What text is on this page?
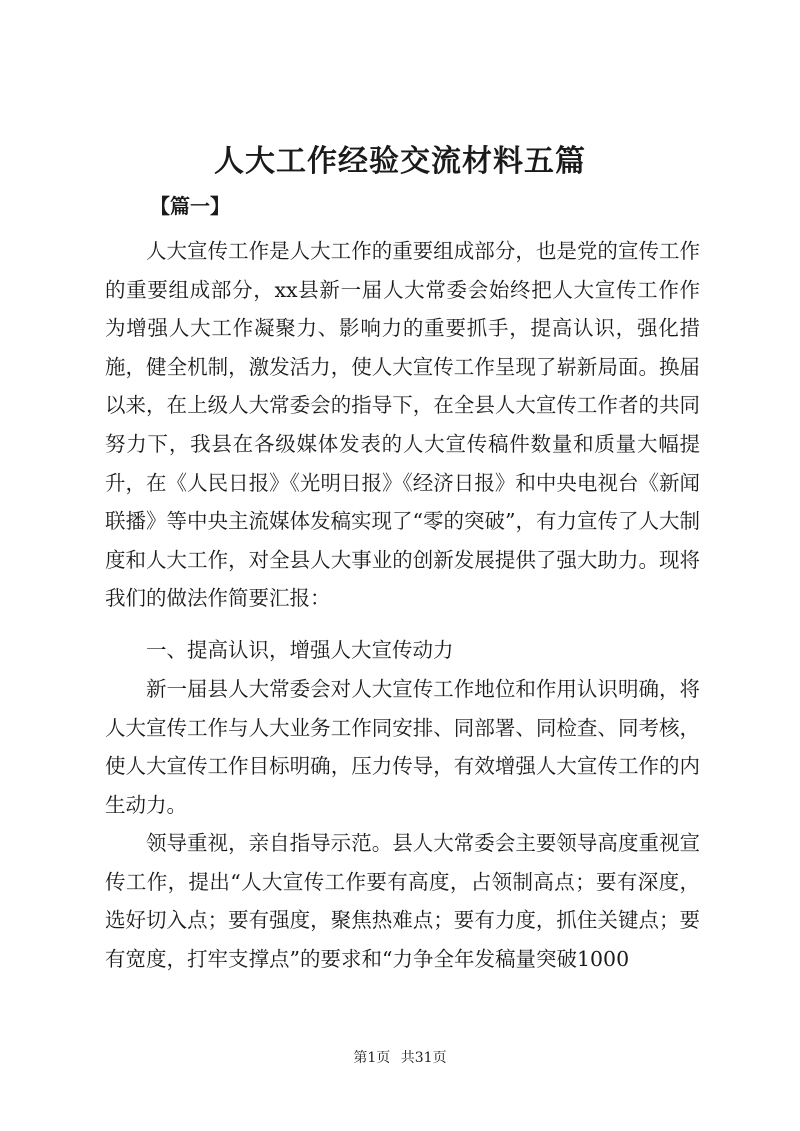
人大工作经验交流材料五篇
【篇一】

人大宣传工作是人大工作的重要组成部分，也是党的宣传工作的重要组成部分，xx县新一届人大常委会始终把人大宣传工作作为增强人大工作凝聚力、影响力的重要抓手，提高认识，强化措施，健全机制，激发活力，使人大宣传工作呈现了崭新局面。换届以来，在上级人大常委会的指导下，在全县人大宣传工作者的共同努力下，我县在各级媒体发表的人大宣传稿件数量和质量大幅提升，在《人民日报》《光明日报》《经济日报》和中央电视台《新闻联播》等中央主流媒体发稿实现了“零的突破”，有力宣传了人大制度和人大工作，对全县人大事业的创新发展提供了强大助力。现将我们的做法作简要汇报：

一、提高认识，增强人大宣传动力

新一届县人大常委会对人大宣传工作地位和作用认识明确，将人大宣传工作与人大业务工作同安排、同部署、同检查、同考核，使人大宣传工作目标明确，压力传导，有效增强人大宣传工作的内生动力。

领导重视，亲自指导示范。县人大常委会主要领导高度重视宣传工作，提出“人大宣传工作要有高度，占领制高点；要有深度，选好切入点；要有强度，聚焦热难点；要有力度，抓住关键点；要有宽度，打牢支撑点”的要求和“力争全年发稿量突破1000

第1页 共31页
